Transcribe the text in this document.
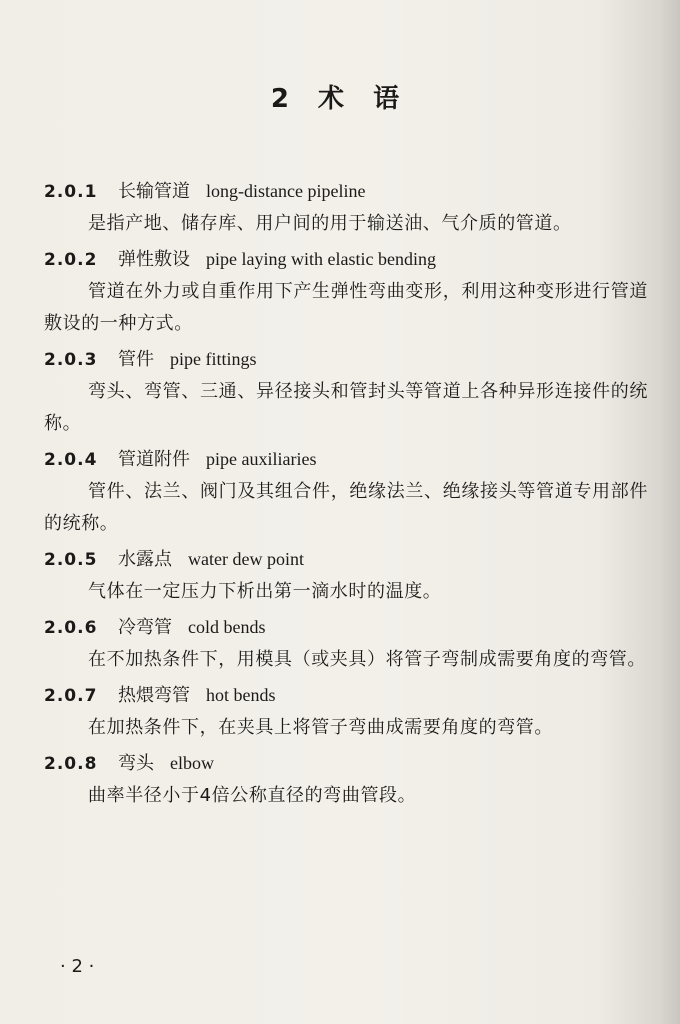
2 术 语
2.0.1 长输管道 long-distance pipeline
是指产地、储存库、用户间的用于输送油、气介质的管道。
2.0.2 弹性敷设 pipe laying with elastic bending
管道在外力或自重作用下产生弹性弯曲变形，利用这种变形进行管道敷设的一种方式。
2.0.3 管件 pipe fittings
弯头、弯管、三通、异径接头和管封头等管道上各种异形连接件的统称。
2.0.4 管道附件 pipe auxiliaries
管件、法兰、阀门及其组合件，绝缘法兰、绝缘接头等管道专用部件的统称。
2.0.5 水露点 water dew point
气体在一定压力下析出第一滴水时的温度。
2.0.6 冷弯管 cold bends
在不加热条件下，用模具（或夹具）将管子弯制成需要角度的弯管。
2.0.7 热煨弯管 hot bends
在加热条件下，在夹具上将管子弯曲成需要角度的弯管。
2.0.8 弯头 elbow
曲率半径小于4倍公称直径的弯曲管段。
· 2 ·
